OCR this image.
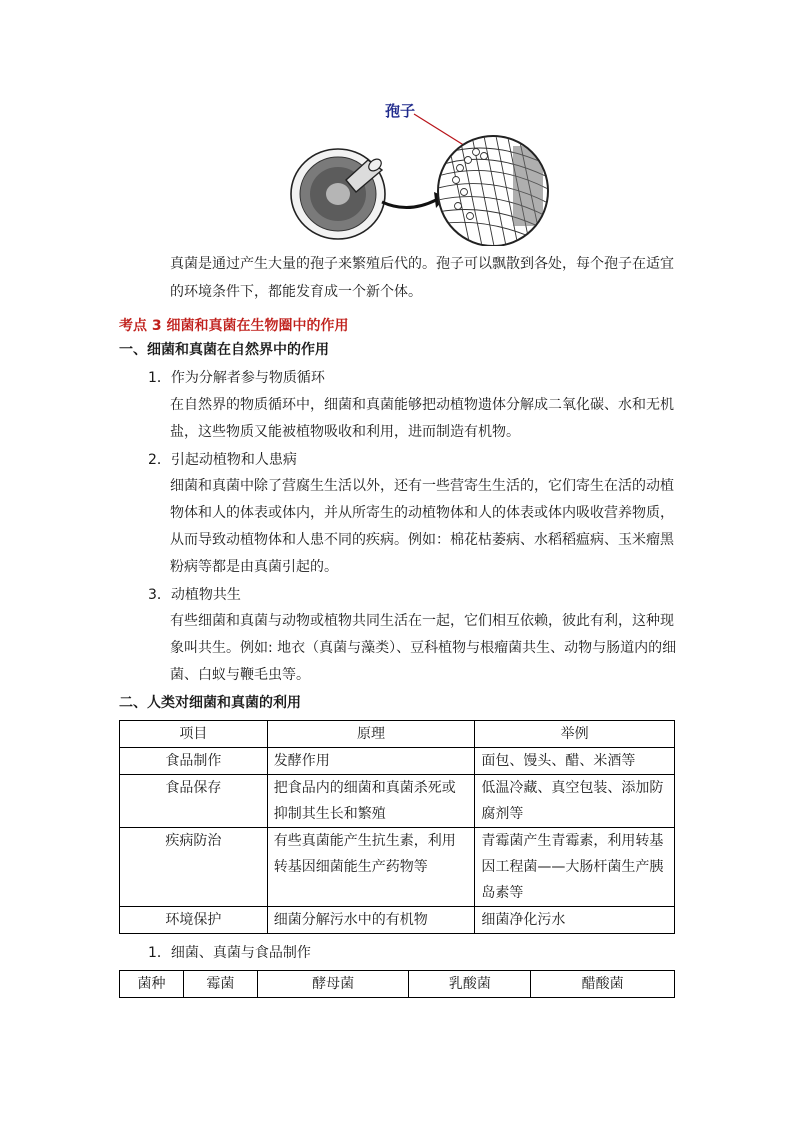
孢子
真菌是通过产生大量的孢子来繁殖后代的。孢子可以飘散到各处，每个孢子在适宜
的环境条件下，都能发育成一个新个体。
考点 3 细菌和真菌在生物圈中的作用
一、细菌和真菌在自然界中的作用
1．作为分解者参与物质循环
在自然界的物质循环中，细菌和真菌能够把动植物遗体分解成二氧化碳、水和无机
盐，这些物质又能被植物吸收和利用，进而制造有机物。
2．引起动植物和人患病
细菌和真菌中除了营腐生生活以外，还有一些营寄生生活的，它们寄生在活的动植
物体和人的体表或体内，并从所寄生的动植物体和人的体表或体内吸收营养物质，
从而导致动植物体和人患不同的疾病。例如：棉花枯萎病、水稻稻瘟病、玉米瘤黑
粉病等都是由真菌引起的。
3．动植物共生
有些细菌和真菌与动物或植物共同生活在一起，它们相互依赖，彼此有利，这种现
象叫共生。例如: 地衣（真菌与藻类）、豆科植物与根瘤菌共生、动物与肠道内的细
菌、白蚁与鞭毛虫等。
二、人类对细菌和真菌的利用
项目	原理	举例
食品制作	发酵作用	面包、馒头、醋、米酒等
食品保存	把食品内的细菌和真菌杀死或抑制其生长和繁殖	低温冷藏、真空包装、添加防腐剂等
疾病防治	有些真菌能产生抗生素，利用转基因细菌能生产药物等	青霉菌产生青霉素，利用转基因工程菌——大肠杆菌生产胰岛素等
环境保护	细菌分解污水中的有机物	细菌净化污水
1．细菌、真菌与食品制作
菌种	霉菌	酵母菌	乳酸菌	醋酸菌
